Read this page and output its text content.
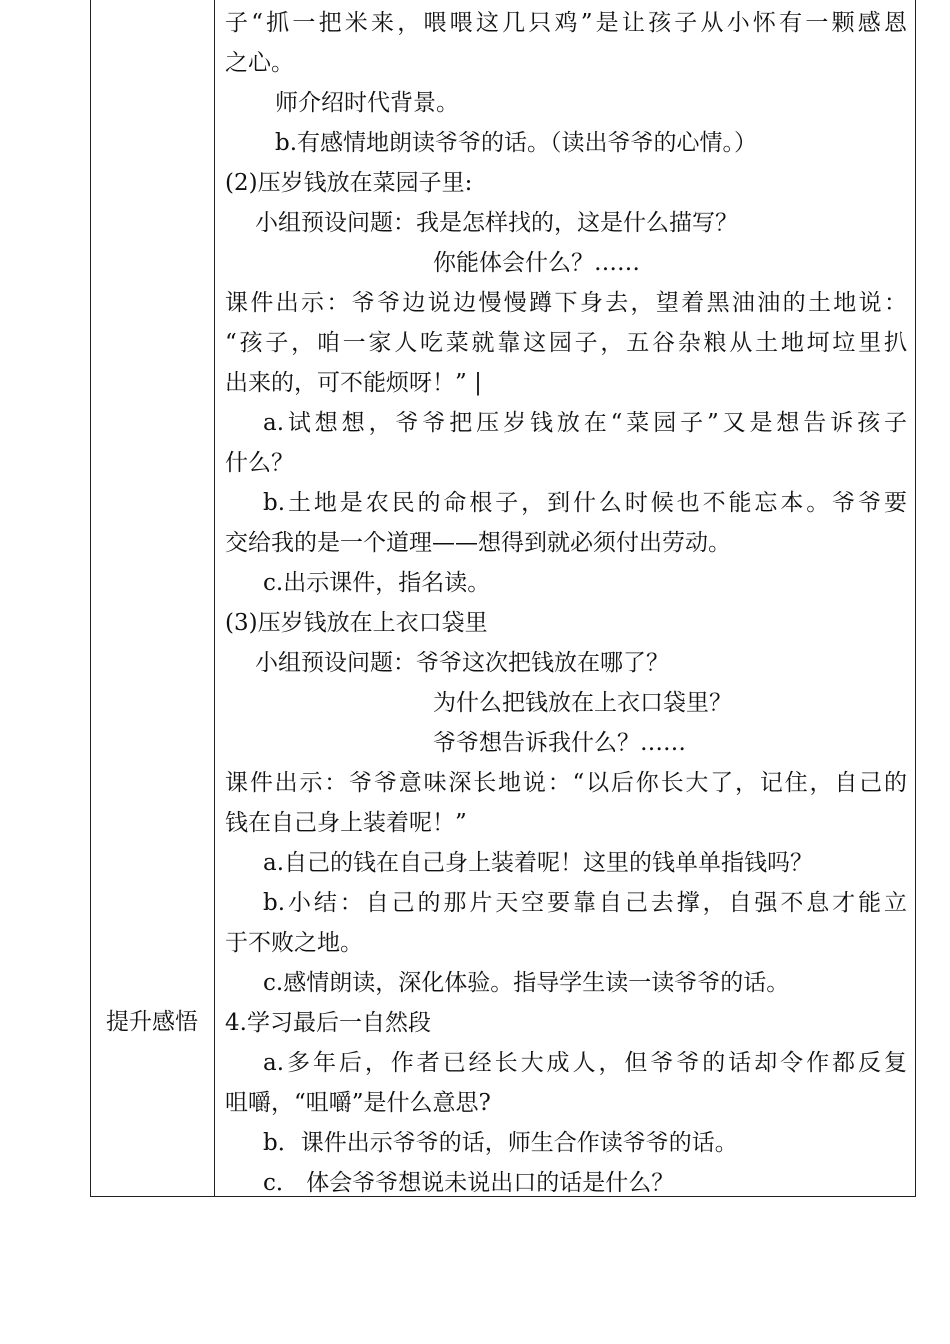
提升感悟
子“抓一把米来，喂喂这几只鸡”是让孩子从小怀有一颗感恩
之心。
师介绍时代背景。
b.有感情地朗读爷爷的话。（读出爷爷的心情。）
(2)压岁钱放在菜园子里:
小组预设问题：我是怎样找的，这是什么描写？
你能体会什么？……
课件出示：爷爷边说边慢慢蹲下身去，望着黑油油的土地说：
“孩子，咱一家人吃菜就靠这园子，五谷杂粮从土地坷垃里扒
出来的，可不能烦呀！” |
a.试想想，爷爷把压岁钱放在“菜园子”又是想告诉孩子
什么？
b.土地是农民的命根子，到什么时候也不能忘本。爷爷要
交给我的是一个道理——想得到就必须付出劳动。
c.出示课件，指名读。
(3)压岁钱放在上衣口袋里
小组预设问题：爷爷这次把钱放在哪了？
为什么把钱放在上衣口袋里？
爷爷想告诉我什么？……
课件出示：爷爷意味深长地说：“以后你长大了，记住，自己的
钱在自己身上装着呢！”
a.自己的钱在自己身上装着呢！这里的钱单单指钱吗？
b.小结：自己的那片天空要靠自己去撑，自强不息才能立
于不败之地。
c.感情朗读，深化体验。指导学生读一读爷爷的话。
4.学习最后一自然段
a.多年后，作者已经长大成人，但爷爷的话却令作都反复
咀嚼，“咀嚼”是什么意思?
b．课件出示爷爷的话，师生合作读爷爷的话。
c． 体会爷爷想说未说出口的话是什么？
